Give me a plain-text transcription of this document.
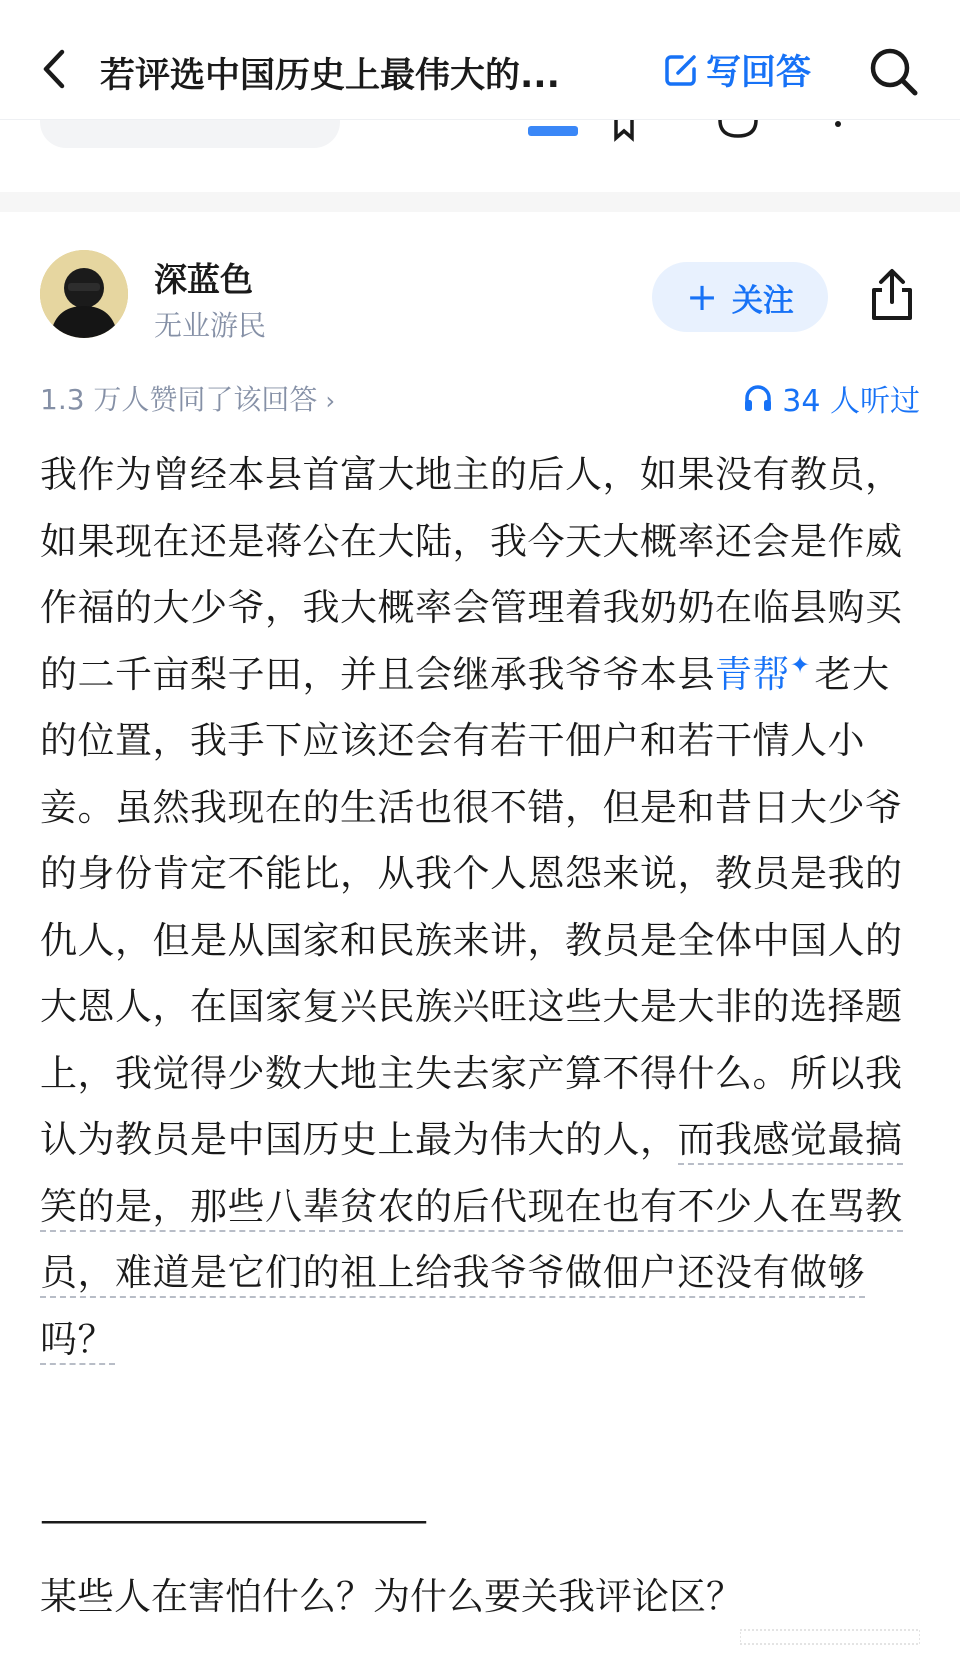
若评选中国历史上最伟大的...	写回答
深蓝色
无业游民
+ 关注
1.3 万人赞同了该回答 ›	34 人听过
我作为曾经本县首富大地主的后人，如果没有教员，如果现在还是蒋公在大陆，我今天大概率还会是作威作福的大少爷，我大概率会管理着我奶奶在临县购买的二千亩梨子田，并且会继承我爷爷本县青帮✦ 老大的位置，我手下应该还会有若干佃户和若干情人小妾。虽然我现在的生活也很不错，但是和昔日大少爷的身份肯定不能比，从我个人恩怨来说，教员是我的仇人，但是从国家和民族来讲，教员是全体中国人的大恩人，在国家复兴民族兴旺这些大是大非的选择题上，我觉得少数大地主失去家产算不得什么。所以我认为教员是中国历史上最为伟大的人，而我感觉最搞笑的是，那些八辈贫农的后代现在也有不少人在骂教员，难道是它们的祖上给我爷爷做佃户还没有做够吗？
————————————
某些人在害怕什么？为什么要关我评论区？
